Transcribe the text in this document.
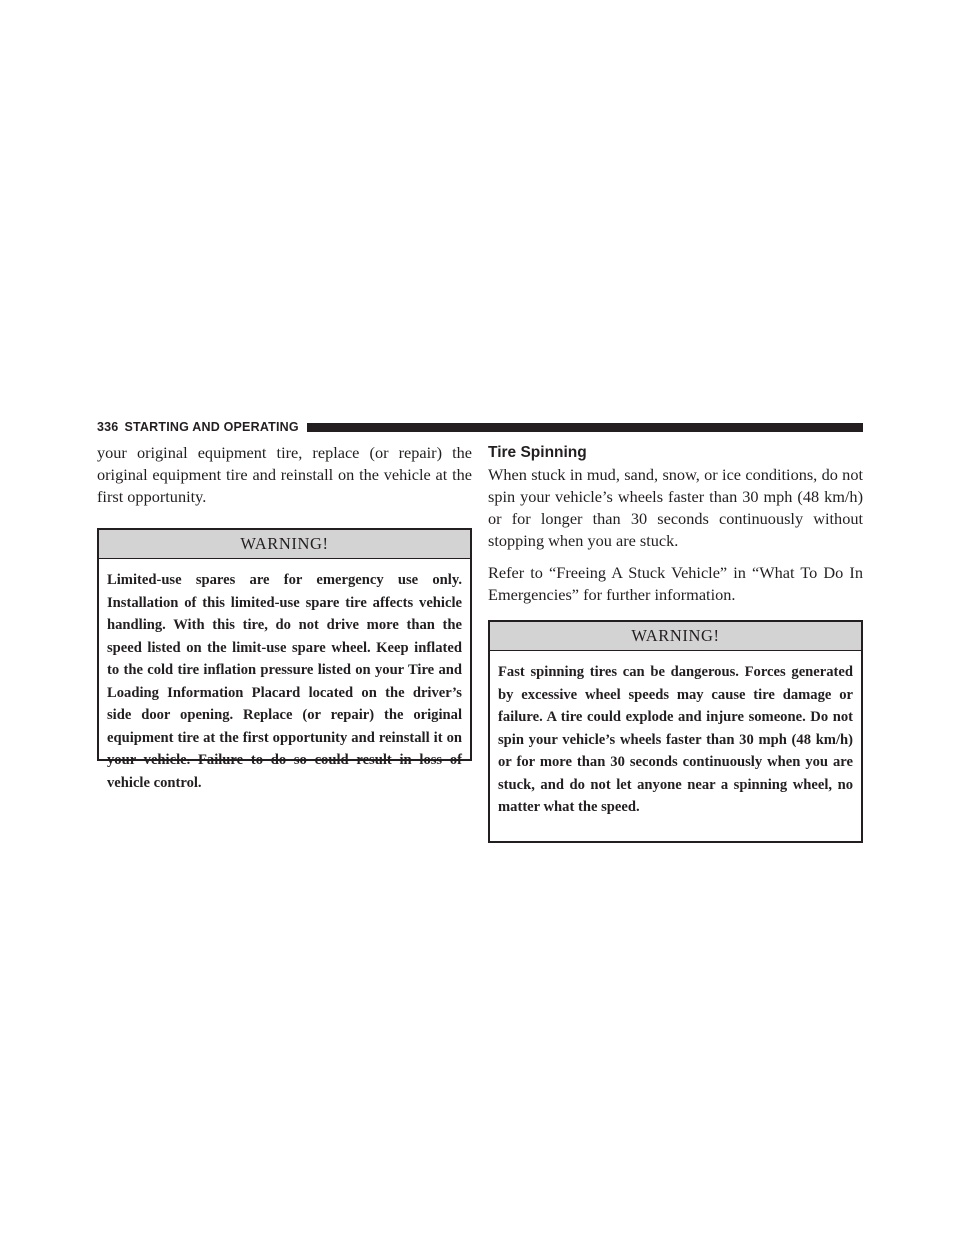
336 STARTING AND OPERATING

your original equipment tire, replace (or repair) the original equipment tire and reinstall on the vehicle at the first opportunity.

WARNING!

Limited-use spares are for emergency use only. Installation of this limited-use spare tire affects vehicle handling. With this tire, do not drive more than the speed listed on the limit-use spare wheel. Keep inflated to the cold tire inflation pressure listed on your Tire and Loading Information Placard located on the driver’s side door opening. Replace (or repair) the original equipment tire at the first opportunity and reinstall it on your vehicle. Failure to do so could result in loss of vehicle control.

Tire Spinning

When stuck in mud, sand, snow, or ice conditions, do not spin your vehicle’s wheels faster than 30 mph (48 km/h) or for longer than 30 seconds continuously without stopping when you are stuck.

Refer to “Freeing A Stuck Vehicle” in “What To Do In Emergencies” for further information.

WARNING!

Fast spinning tires can be dangerous. Forces generated by excessive wheel speeds may cause tire damage or failure. A tire could explode and injure someone. Do not spin your vehicle’s wheels faster than 30 mph (48 km/h) or for more than 30 seconds continuously when you are stuck, and do not let anyone near a spinning wheel, no matter what the speed.
